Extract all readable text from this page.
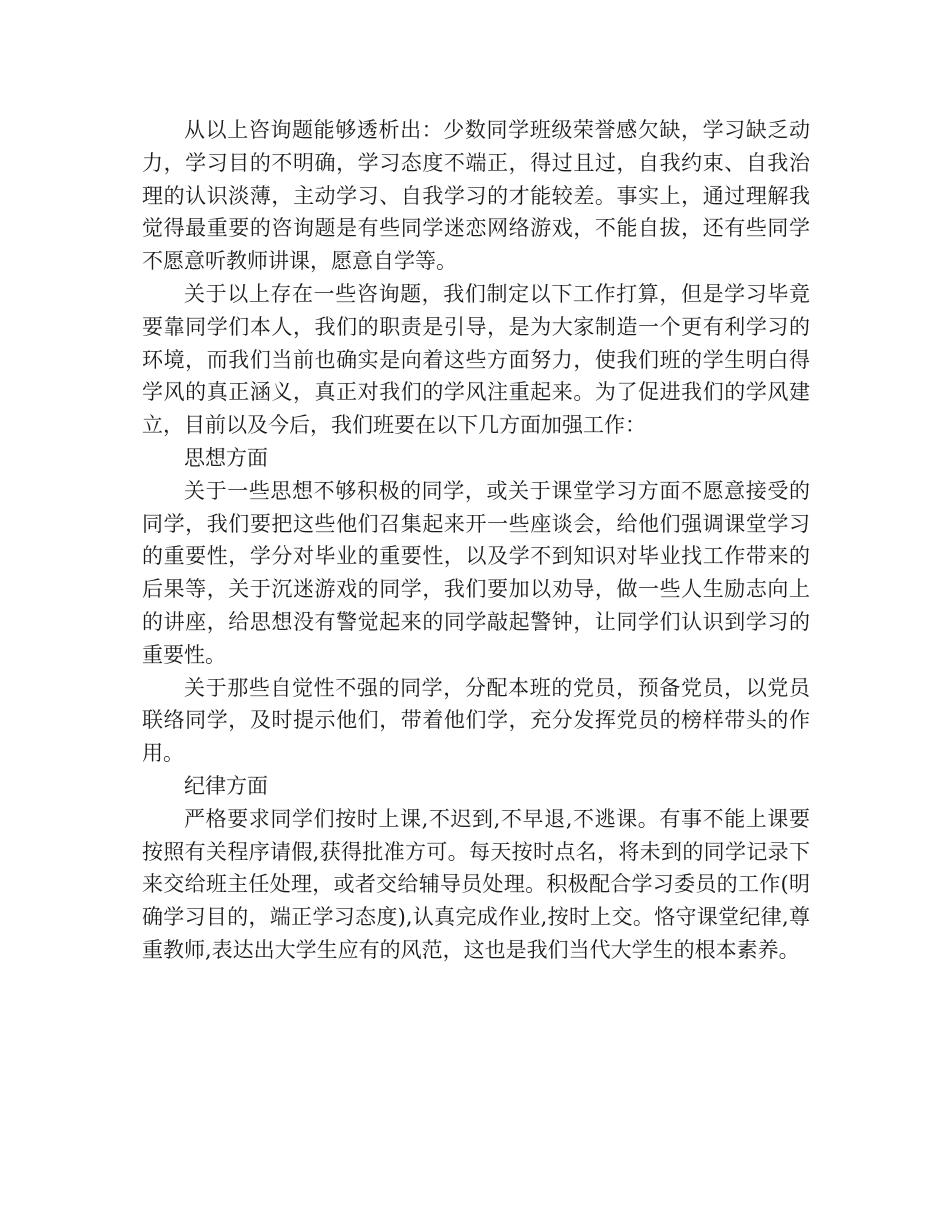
从以上咨询题能够透析出：少数同学班级荣誉感欠缺，学习缺乏动力，学习目的不明确，学习态度不端正，得过且过，自我约束、自我治理的认识淡薄，主动学习、自我学习的才能较差。事实上，通过理解我觉得最重要的咨询题是有些同学迷恋网络游戏，不能自拔，还有些同学不愿意听教师讲课，愿意自学等。

关于以上存在一些咨询题，我们制定以下工作打算，但是学习毕竟要靠同学们本人，我们的职责是引导，是为大家制造一个更有利学习的环境，而我们当前也确实是向着这些方面努力，使我们班的学生明白得学风的真正涵义，真正对我们的学风注重起来。为了促进我们的学风建立，目前以及今后，我们班要在以下几方面加强工作：

思想方面

关于一些思想不够积极的同学，或关于课堂学习方面不愿意接受的同学，我们要把这些他们召集起来开一些座谈会，给他们强调课堂学习的重要性，学分对毕业的重要性，以及学不到知识对毕业找工作带来的后果等，关于沉迷游戏的同学，我们要加以劝导，做一些人生励志向上的讲座，给思想没有警觉起来的同学敲起警钟，让同学们认识到学习的重要性。

关于那些自觉性不强的同学，分配本班的党员，预备党员，以党员联络同学，及时提示他们，带着他们学，充分发挥党员的榜样带头的作用。

纪律方面

严格要求同学们按时上课,不迟到,不早退,不逃课。有事不能上课要按照有关程序请假,获得批准方可。每天按时点名，将未到的同学记录下来交给班主任处理，或者交给辅导员处理。积极配合学习委员的工作(明确学习目的，端正学习态度),认真完成作业,按时上交。恪守课堂纪律,尊重教师,表达出大学生应有的风范，这也是我们当代大学生的根本素养。
